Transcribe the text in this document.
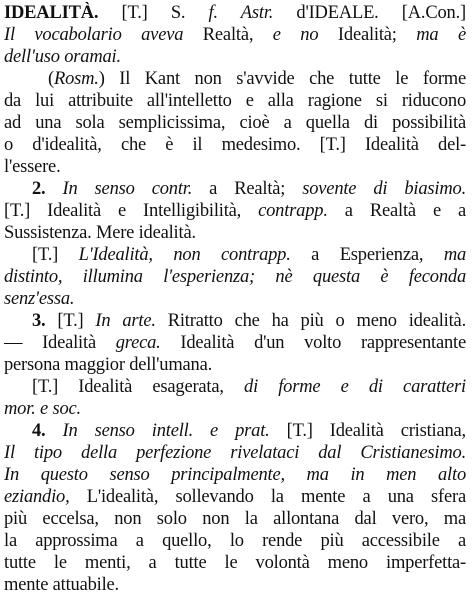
IDEALITÀ. [T.] S. f. Astr. d'IDEALE. [A.Con.]
Il vocabolario aveva Realtà, e no Idealità; ma è
dell'uso oramai.
(Rosm.) Il Kant non s'avvide che tutte le forme
da lui attribuite all'intelletto e alla ragione si riducono
ad una sola semplicissima, cioè a quella di possibilità
o d'idealità, che è il medesimo. [T.] Idealità del-
l'essere.
2. In senso contr. a Realtà; sovente di biasimo.
[T.] Idealità e Intelligibilità, contrapp. a Realtà e a
Sussistenza. Mere idealità.
[T.] L'Idealità, non contrapp. a Esperienza, ma
distinto, illumina l'esperienza; nè questa è feconda
senz'essa.
3. [T.] In arte. Ritratto che ha più o meno idealità.
— Idealità greca. Idealità d'un volto rappresentante
persona maggior dell'umana.
[T.] Idealità esagerata, di forme e di caratteri
mor. e soc.
4. In senso intell. e prat. [T.] Idealità cristiana,
Il tipo della perfezione rivelataci dal Cristianesimo.
In questo senso principalmente, ma in men alto
eziandio, L'idealità, sollevando la mente a una sfera
più eccelsa, non solo non la allontana dal vero, ma
la approssima a quello, lo rende più accessibile a
tutte le menti, a tutte le volontà meno imperfetta-
mente attuabile.
